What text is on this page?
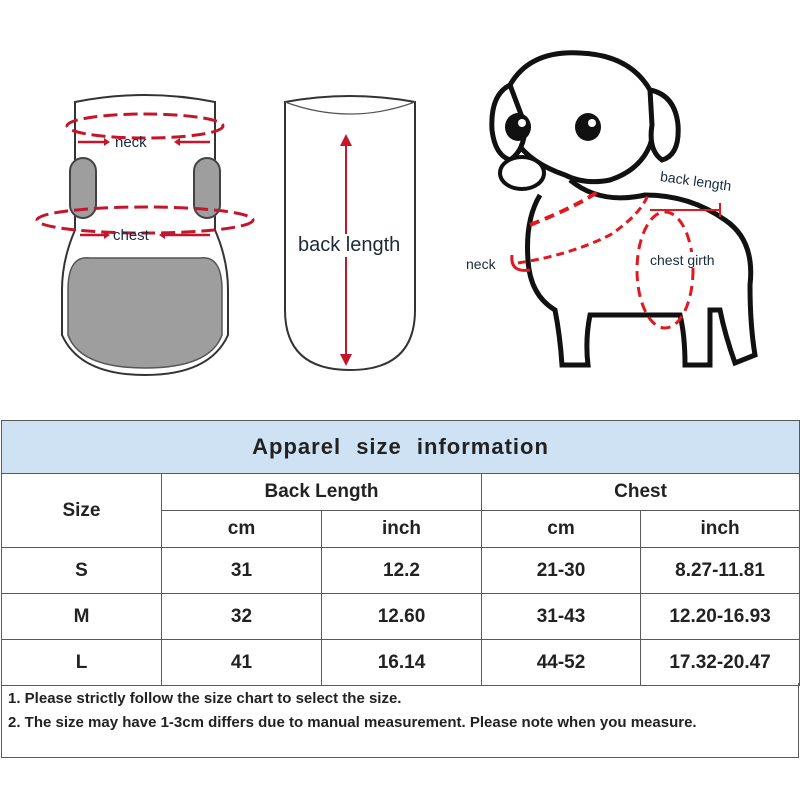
neck
chest	back length
back length
neck	chest girth
Apparel size information				
Size	Back Length		Chest	
	cm	inch	cm	inch
S	31	12.2	21-30	8.27-11.81
M	32	12.60	31-43	12.20-16.93
L	41	16.14	44-52	17.32-20.47
1. Please strictly follow the size chart to select the size.
2. The size may have 1-3cm differs due to manual measurement. Please note when you measure.
